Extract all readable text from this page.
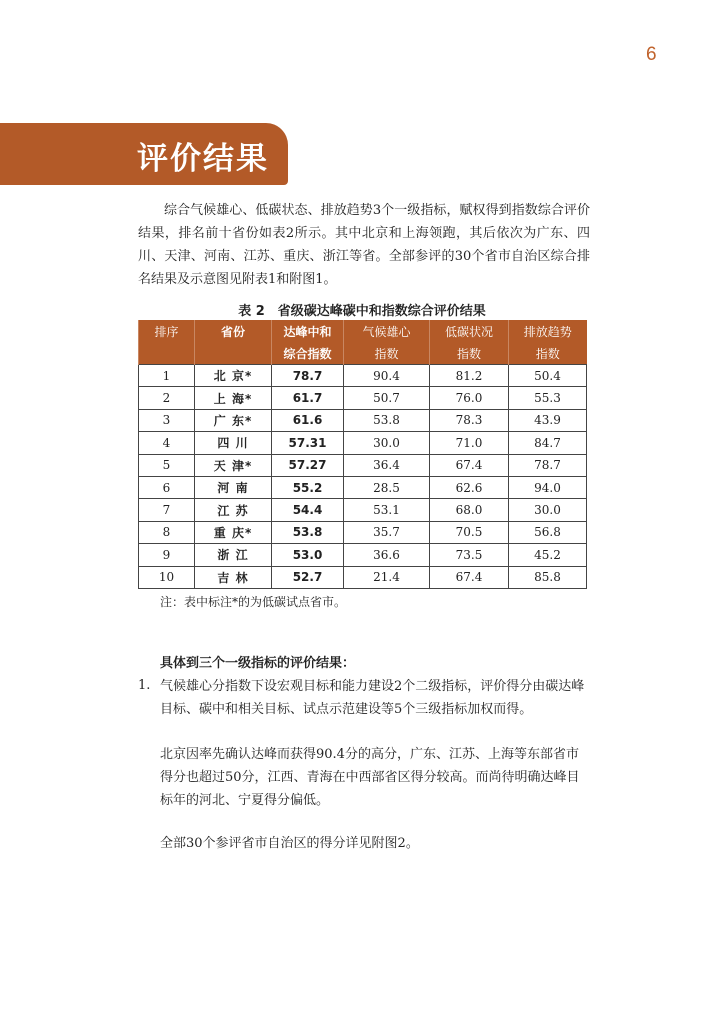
6
评价结果

综合气候雄心、低碳状态、排放趋势3个一级指标，赋权得到指数综合评价结果，排名前十省份如表2所示。其中北京和上海领跑，其后依次为广东、四川、天津、河南、江苏、重庆、浙江等省。全部参评的30个省市自治区综合排名结果及示意图见附表1和附图1。

表 2　省级碳达峰碳中和指数综合评价结果
排序	省份	达峰中和	气候雄心	低碳状况	排放趋势
		综合指数	指数	指数	指数
1	北 京*	78.7	90.4	81.2	50.4
2	上 海*	61.7	50.7	76.0	55.3
3	广 东*	61.6	53.8	78.3	43.9
4	四 川	57.31	30.0	71.0	84.7
5	天 津*	57.27	36.4	67.4	78.7
6	河 南	55.2	28.5	62.6	94.0
7	江 苏	54.4	53.1	68.0	30.0
8	重 庆*	53.8	35.7	70.5	56.8
9	浙 江	53.0	36.6	73.5	45.2
10	吉 林	52.7	21.4	67.4	85.8
注：表中标注*的为低碳试点省市。
具体到三个一级指标的评价结果：
1. 气候雄心分指数下设宏观目标和能力建设2个二级指标，评价得分由碳达峰目标、碳中和相关目标、试点示范建设等5个三级指标加权而得。

北京因率先确认达峰而获得90.4分的高分，广东、江苏、上海等东部省市得分也超过50分，江西、青海在中西部省区得分较高。而尚待明确达峰目标年的河北、宁夏得分偏低。

全部30个参评省市自治区的得分详见附图2。
